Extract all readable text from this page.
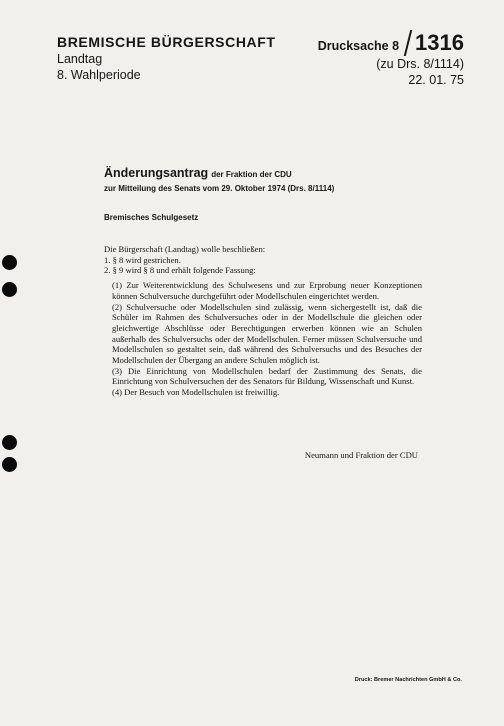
BREMISCHE BÜRGERSCHAFT
Landtag
8. Wahlperiode
Drucksache 8 1316
(zu Drs. 8/1114)
22. 01. 75
Änderungsantrag der Fraktion der CDU
zur Mitteilung des Senats vom 29. Oktober 1974 (Drs. 8/1114)
Bremisches Schulgesetz

Die Bürgerschaft (Landtag) wolle beschließen:

1. § 8 wird gestrichen.

2. § 9 wird § 8 und erhält folgende Fassung:

(1) Zur Weiterentwicklung des Schulwesens und zur Erprobung neuer Konzeptionen können Schulversuche durchgeführt oder Modellschulen eingerichtet werden.

(2) Schulversuche oder Modellschulen sind zulässig, wenn sichergestellt ist, daß die Schüler im Rahmen des Schulversuches oder in der Modellschule die gleichen oder gleichwertige Abschlüsse oder Berechtigungen erwerben können wie an Schulen außerhalb des Schulversuchs oder der Modellschulen. Ferner müssen Schulversuche und Modellschulen so gestaltet sein, daß während des Schulversuchs und des Besuches der Modellschulen der Übergang an andere Schulen möglich ist.

(3) Die Einrichtung von Modellschulen bedarf der Zustimmung des Senats, die Einrichtung von Schulversuchen der des Senators für Bildung, Wissenschaft und Kunst.

(4) Der Besuch von Modellschulen ist freiwillig.

Neumann und Fraktion der CDU
Druck: Bremer Nachrichten GmbH & Co.
